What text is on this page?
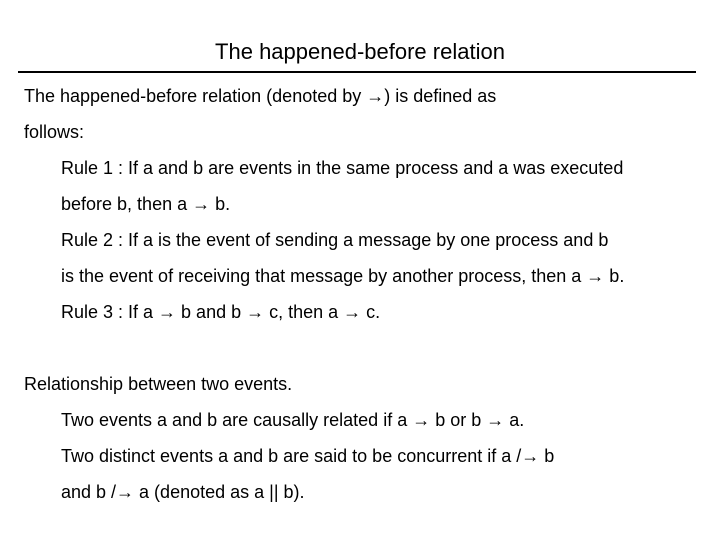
The happened-before relation
The happened-before relation (denoted by →) is defined as
follows:
Rule 1 : If a and b are events in the same process and a was executed
before b, then a → b.
Rule 2 : If a is the event of sending a message by one process and b
is the event of receiving that message by another process, then a → b.
Rule 3 : If a → b and b → c, then a → c.
Relationship between two events.
Two events a and b are causally related if a → b or b → a.
Two distinct events a and b are said to be concurrent if a /→ b
and b /→ a (denoted as a || b).
